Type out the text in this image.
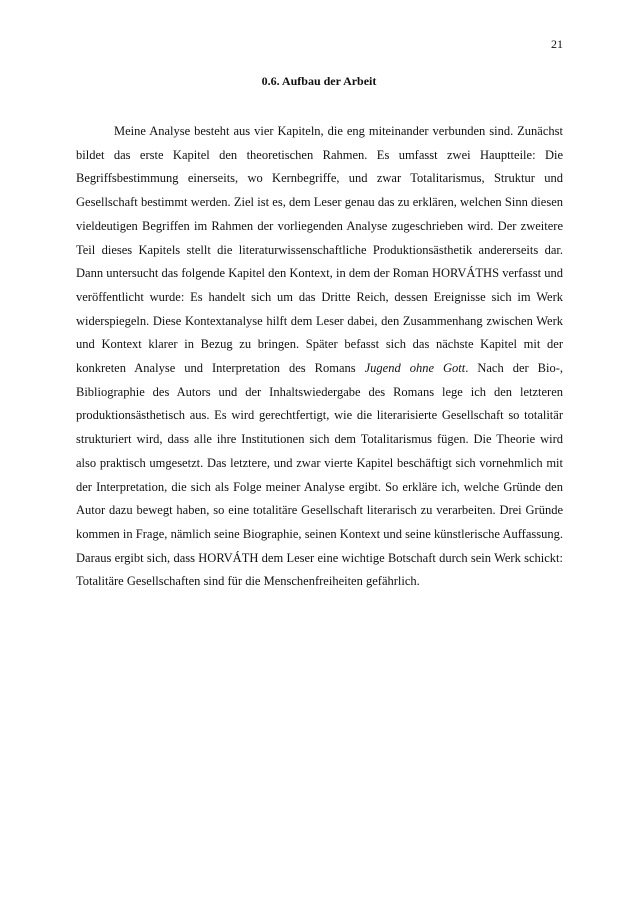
21
0.6. Aufbau der Arbeit

Meine Analyse besteht aus vier Kapiteln, die eng miteinander verbunden sind. Zunächst bildet das erste Kapitel den theoretischen Rahmen. Es umfasst zwei Hauptteile: Die Begriffsbestimmung einerseits, wo Kernbegriffe, und zwar Totalitarismus, Struktur und Gesellschaft bestimmt werden. Ziel ist es, dem Leser genau das zu erklären, welchen Sinn diesen vieldeutigen Begriffen im Rahmen der vorliegenden Analyse zugeschrieben wird. Der zweitere Teil dieses Kapitels stellt die literaturwissenschaftliche Produktionsästhetik andererseits dar. Dann untersucht das folgende Kapitel den Kontext, in dem der Roman HORVÁTHS verfasst und veröffentlicht wurde: Es handelt sich um das Dritte Reich, dessen Ereignisse sich im Werk widerspiegeln. Diese Kontextanalyse hilft dem Leser dabei, den Zusammenhang zwischen Werk und Kontext klarer in Bezug zu bringen. Später befasst sich das nächste Kapitel mit der konkreten Analyse und Interpretation des Romans Jugend ohne Gott. Nach der Bio-, Bibliographie des Autors und der Inhaltswiedergabe des Romans lege ich den letzteren produktionsästhetisch aus. Es wird gerechtfertigt, wie die literarisierte Gesellschaft so totalitär strukturiert wird, dass alle ihre Institutionen sich dem Totalitarismus fügen. Die Theorie wird also praktisch umgesetzt. Das letztere, und zwar vierte Kapitel beschäftigt sich vornehmlich mit der Interpretation, die sich als Folge meiner Analyse ergibt. So erkläre ich, welche Gründe den Autor dazu bewegt haben, so eine totalitäre Gesellschaft literarisch zu verarbeiten. Drei Gründe kommen in Frage, nämlich seine Biographie, seinen Kontext und seine künstlerische Auffassung. Daraus ergibt sich, dass HORVÁTH dem Leser eine wichtige Botschaft durch sein Werk schickt: Totalitäre Gesellschaften sind für die Menschenfreiheiten gefährlich.
